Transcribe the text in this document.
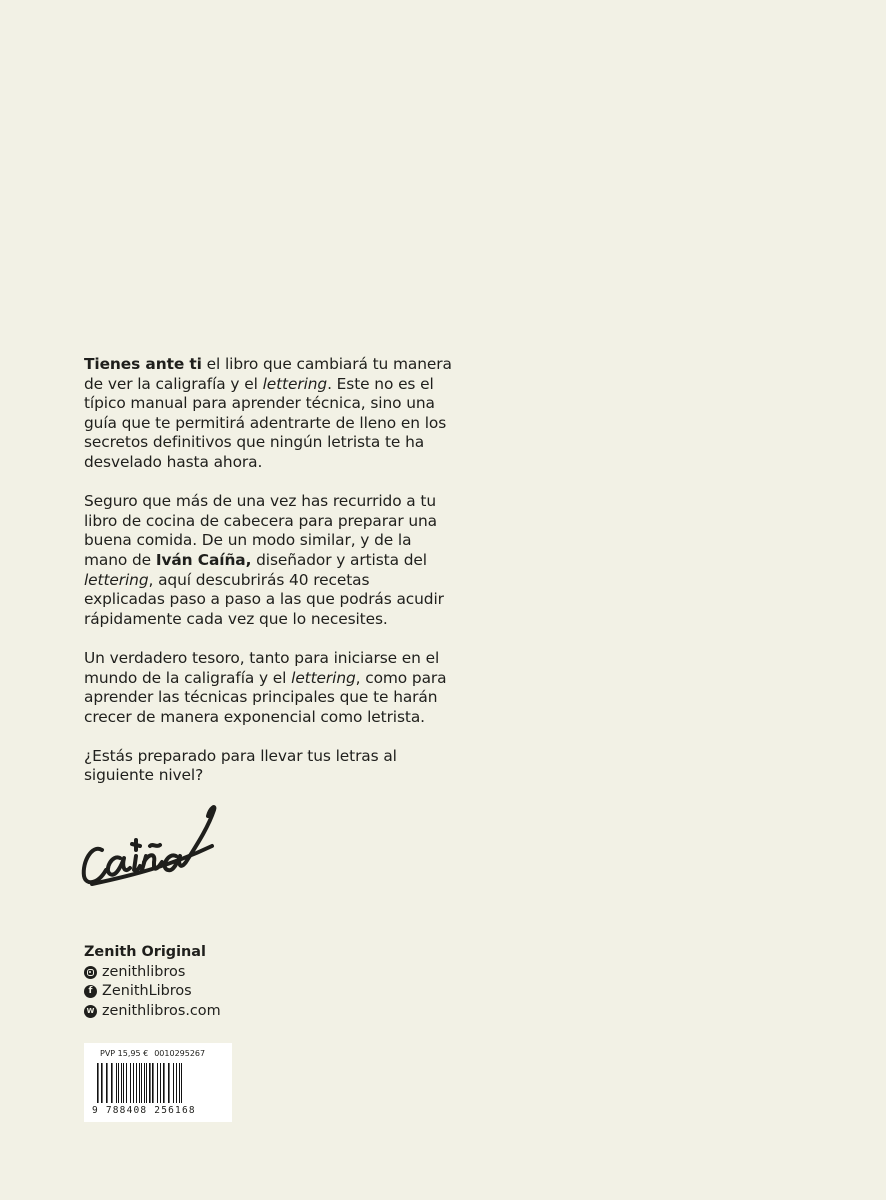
Tienes ante ti el libro que cambiará tu manera de ver la caligrafía y el lettering. Este no es el típico manual para aprender técnica, sino una guía que te permitirá adentrarte de lleno en los secretos definitivos que ningún letrista te ha desvelado hasta ahora.

Seguro que más de una vez has recurrido a tu libro de cocina de cabecera para preparar una buena comida. De un modo similar, y de la mano de Iván Caíña, diseñador y artista del lettering, aquí descubrirás 40 recetas explicadas paso a paso a las que podrás acudir rápidamente cada vez que lo necesites.

Un verdadero tesoro, tanto para iniciarse en el mundo de la caligrafía y el lettering, como para aprender las técnicas principales que te harán crecer de manera exponencial como letrista.

¿Estás preparado para llevar tus letras al siguiente nivel?

Zenith Original
zenithlibros
f ZenithLibros
W zenithlibros.com
PVP 15,95 € 0010295267
9 788408 256168
